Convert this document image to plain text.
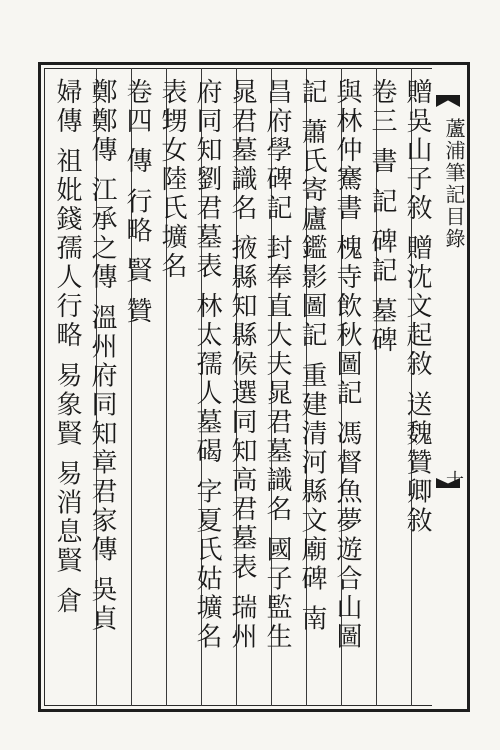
贈吳山子敘 贈沈文起敘 送魏贊卿敘
卷三 書 記 碑記 墓碑
與林仲騫書 槐寺飲秋圖記 馮督魚夢遊合山圖
記 蕭氏寄廬鑑影圖記 重建清河縣文廟碑 南
昌府學碑記 封奉直大夫晁君墓識名 國子監生
晁君墓識名 掖縣知縣候選同知高君墓表 瑞州
府同知劉君墓表 林太孺人墓碣 字夏氏姑壙名
表甥女陸氏壙名
卷四 傳 行略 賢 贊
鄭鄭傳 江承之傳 溫州府同知章君家傳 吳貞
婦傳 祖妣錢孺人行略 易象賢 易消息賢 倉	蘆浦筆記目錄
十
